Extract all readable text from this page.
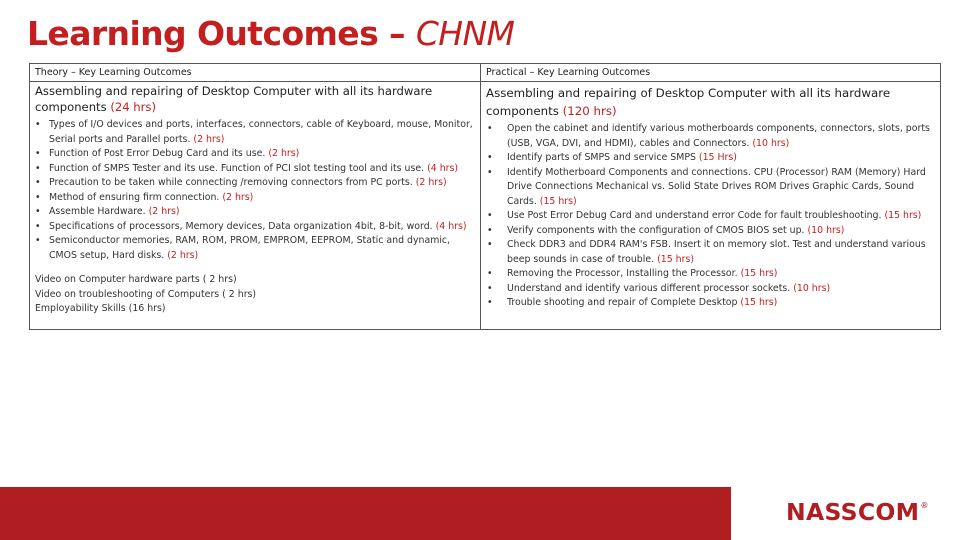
Learning Outcomes – CHNM
Theory – Key Learning Outcomes
Assembling and repairing of Desktop Computer with all its hardware components (24 hrs)
• Types of I/O devices and ports, interfaces, connectors, cable of Keyboard, mouse, Monitor, Serial ports and Parallel ports. (2 hrs)
• Function of Post Error Debug Card and its use. (2 hrs)
• Function of SMPS Tester and its use. Function of PCI slot testing tool and its use. (4 hrs)
• Precaution to be taken while connecting /removing connectors from PC ports. (2 hrs)
• Method of ensuring firm connection. (2 hrs)
• Assemble Hardware. (2 hrs)
• Specifications of processors, Memory devices, Data organization 4bit, 8-bit, word. (4 hrs)
• Semiconductor memories, RAM, ROM, PROM, EMPROM, EEPROM, Static and dynamic, CMOS setup, Hard disks. (2 hrs)
Video on Computer hardware parts ( 2 hrs)
Video on troubleshooting of Computers ( 2 hrs)
Employability Skills (16 hrs)
Practical – Key Learning Outcomes
Assembling and repairing of Desktop Computer with all its hardware components (120 hrs)
• Open the cabinet and identify various motherboards components, connectors, slots, ports (USB, VGA, DVI, and HDMI), cables and Connectors. (10 hrs)
• Identify parts of SMPS and service SMPS (15 Hrs)
• Identify Motherboard Components and connections. CPU (Processor) RAM (Memory) Hard Drive Connections Mechanical vs. Solid State Drives ROM Drives Graphic Cards, Sound Cards. (15 hrs)
• Use Post Error Debug Card and understand error Code for fault troubleshooting. (15 hrs)
• Verify components with the configuration of CMOS BIOS set up. (10 hrs)
• Check DDR3 and DDR4 RAM's FSB. Insert it on memory slot. Test and understand various beep sounds in case of trouble. (15 hrs)
• Removing the Processor, Installing the Processor. (15 hrs)
• Understand and identify various different processor sockets. (10 hrs)
• Trouble shooting and repair of Complete Desktop (15 hrs)
NASSCOM®
